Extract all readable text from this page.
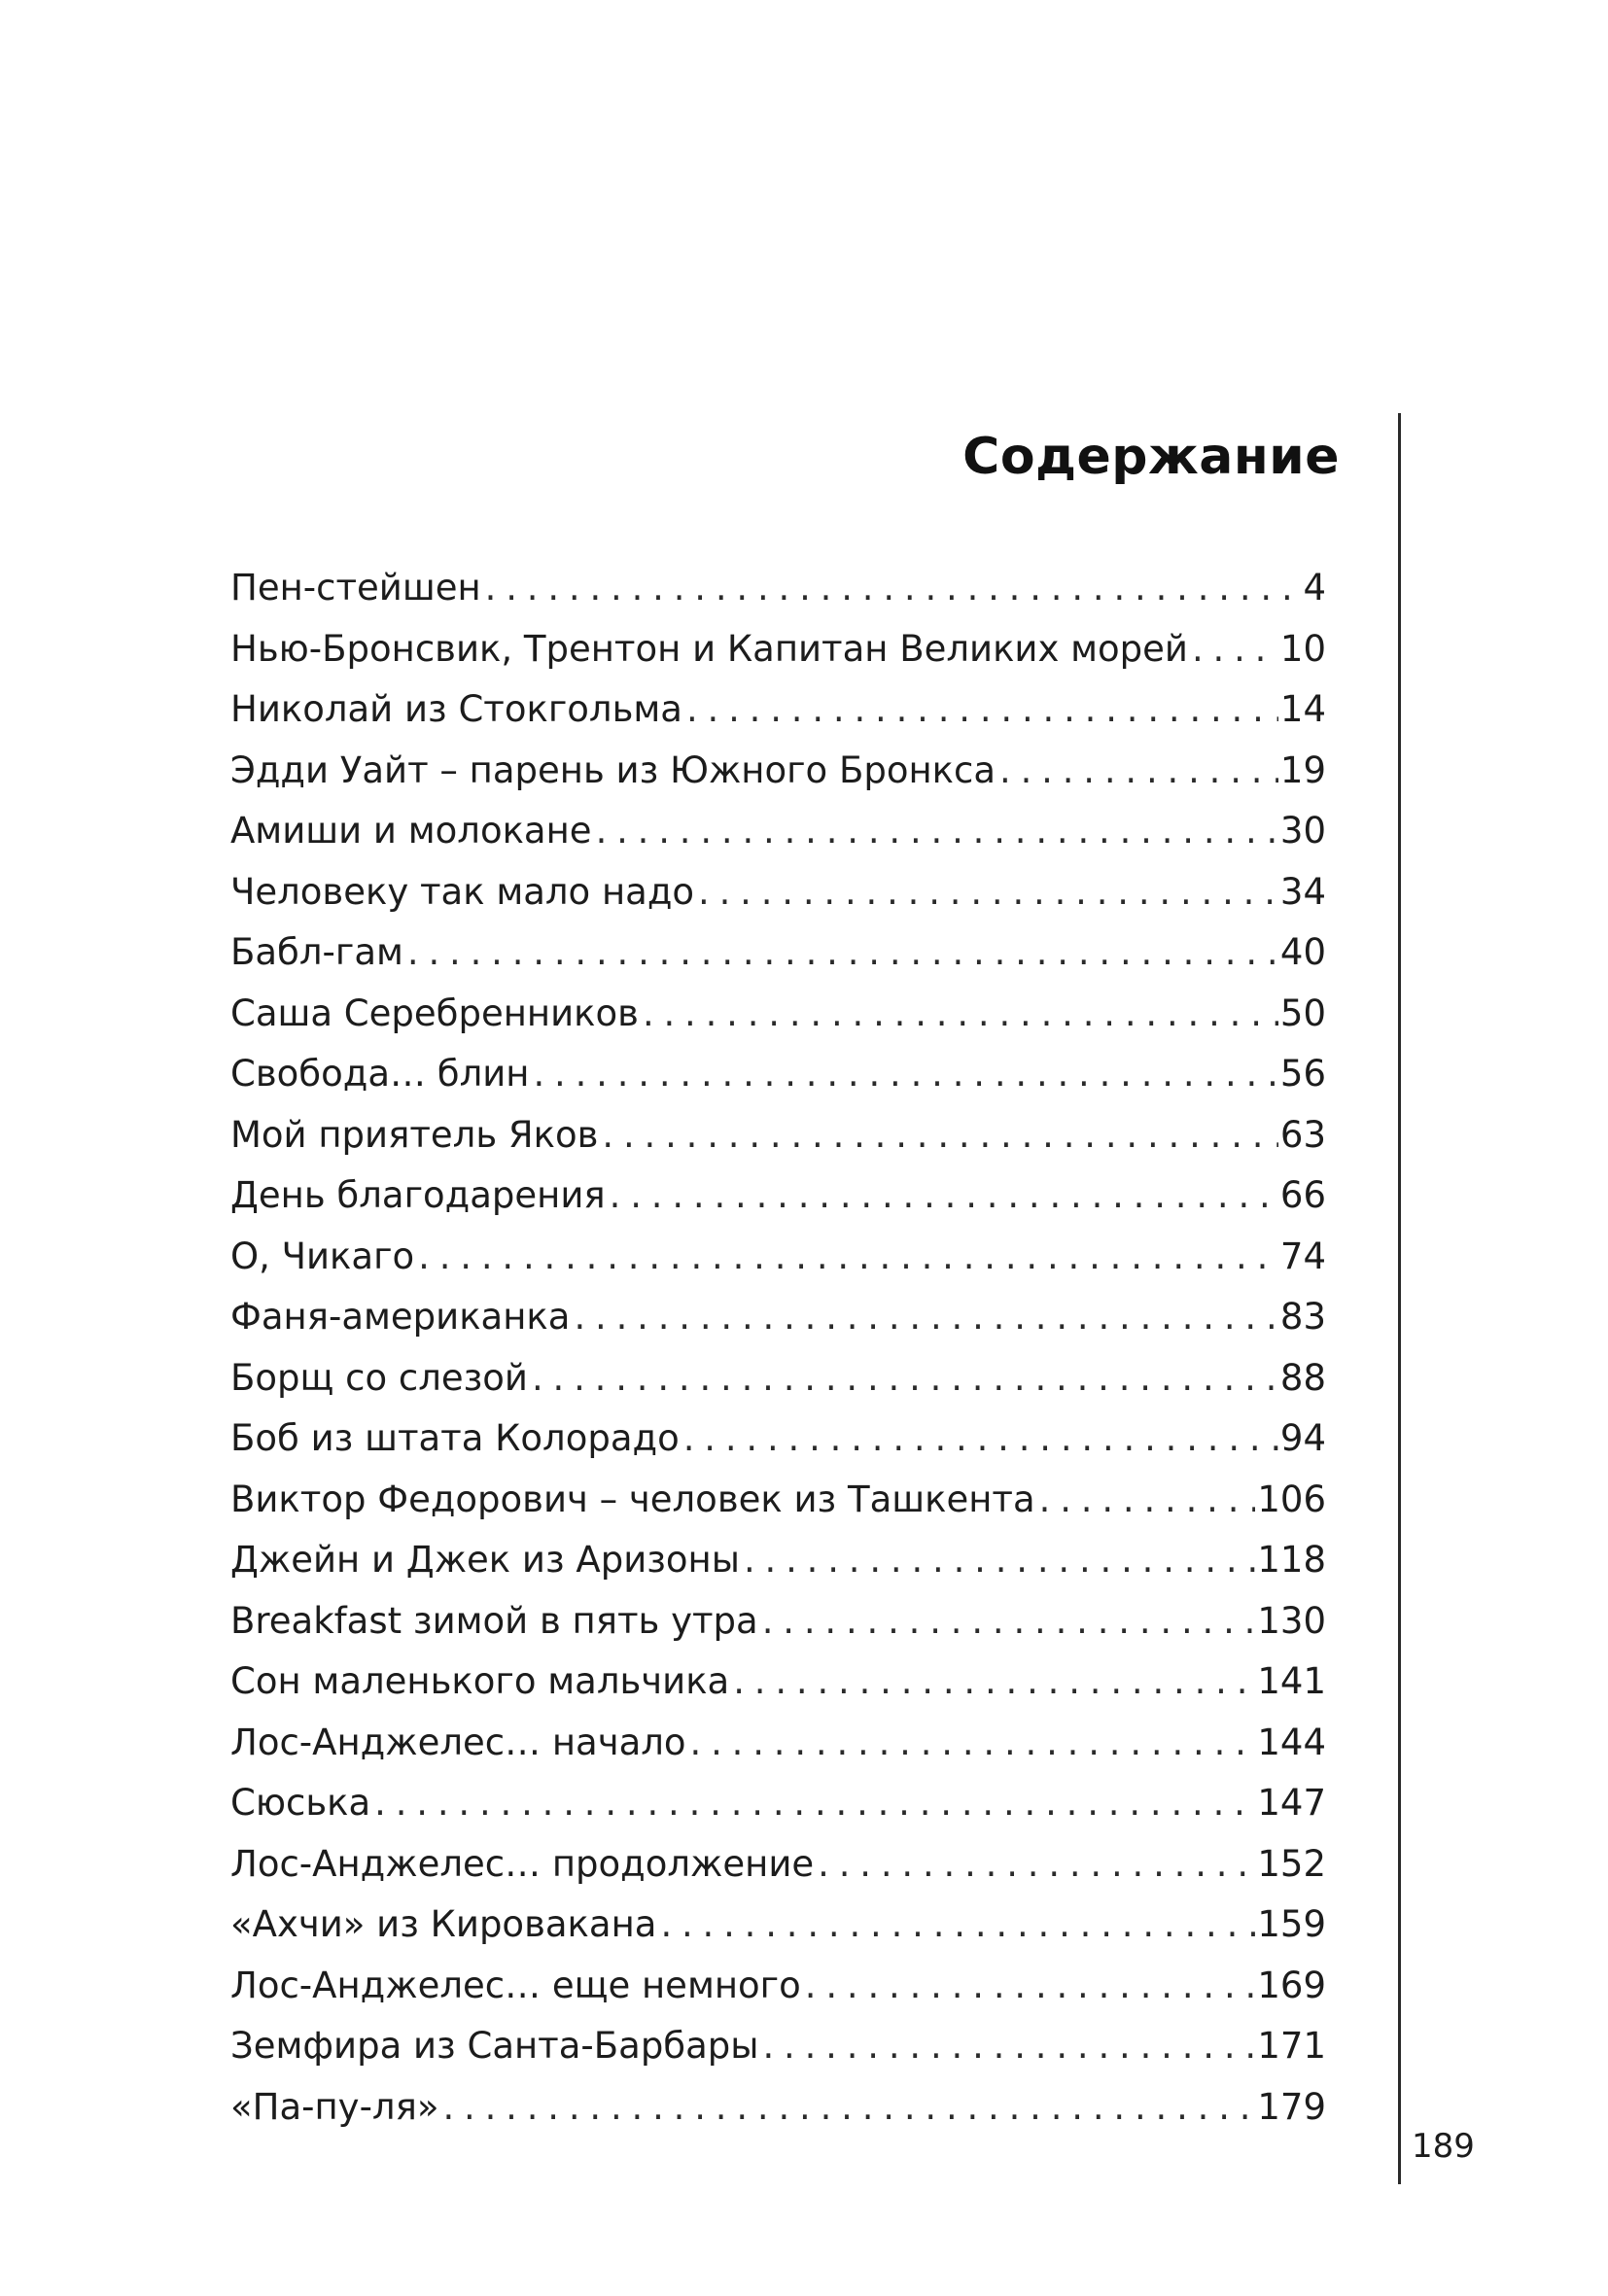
Содержание
Пен-стейшен .....	4
Нью-Бронсвик, Трентон и Капитан Великих морей .....	10
Николай из Стокгольма .....	14
Эдди Уайт – парень из Южного Бронкса .....	19
Амиши и молокане .....	30
Человеку так мало надо .....	34
Бабл-гам .....	40
Саша Серебренников .....	50
Свобода… блин .....	56
Мой приятель Яков .....	63
День благодарения .....	66
О, Чикаго .....	74
Фаня-американка .....	83
Борщ со слезой .....	88
Боб из штата Колорадо .....	94
Виктор Федорович – человек из Ташкента .....	106
Джейн и Джек из Аризоны .....	118
Breakfast зимой в пять утра .....	130
Сон маленького мальчика .....	141
Лос-Анджелес… начало .....	144
Сюська .....	147
Лос-Анджелес… продолжение .....	152
«Ахчи» из Кировакана .....	159
Лос-Анджелес… еще немного .....	169
Земфира из Санта-Барбары .....	171
«Па-пу-ля» .....	179
189
